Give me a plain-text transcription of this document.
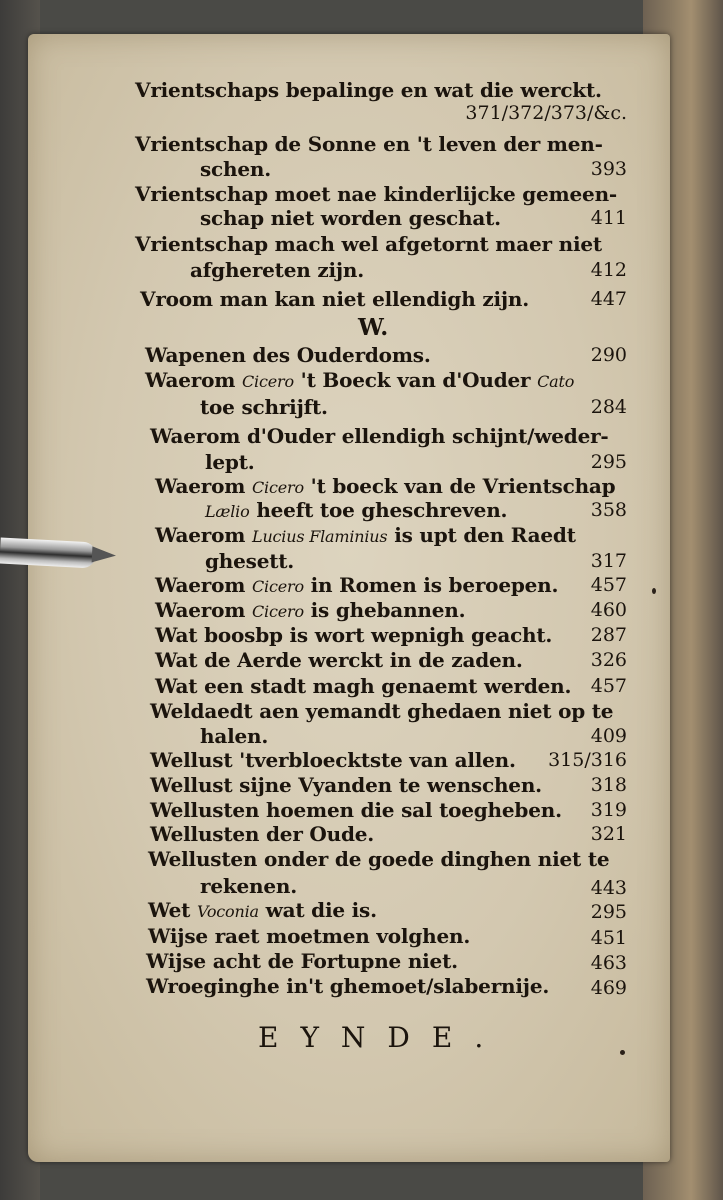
Vrientschaps bepalinge en wat die werckt.
371/372/373/&c.
Vrientschap de Sonne en 't leven der men-
schen.	393
Vrientschap moet nae kinderlijcke gemeen-
schap niet worden geschat.	411
Vrientschap mach wel afgetornt maer niet
afghereten zijn.	412
Vroom man kan niet ellendigh zijn.	447
W.
Wapenen des Ouderdoms.	290
Waerom Cicero 't Boeck van d'Ouder Cato
toe schrijft.	284
Waerom d'Ouder ellendigh schijnt/weder-
lept.	295
Waerom Cicero 't boeck van de Vrientschap
Lælio heeft toe gheschreven.	358
Waerom Lucius Flaminius is upt den Raedt
ghesett.	317
Waerom Cicero in Romen is beroepen. 457
Waerom Cicero is ghebannen.	460
Wat boosbp is wort wepnigh geacht. 287
Wat de Aerde werckt in de zaden.	326
Wat een stadt magh genaemt werden. 457
Weldaedt aen yemandt ghedaen niet op te
halen.	409
Wellust 'tverbloecktste van allen. 315/316
Wellust sijne Vyanden te wenschen.	318
Wellusten hoemen die sal toegheben. 319
Wellusten der Oude.	321
Wellusten onder de goede dinghen niet te
rekenen.	443
Wet Voconia wat die is.	295
Wijse raet moetmen volghen.	451
Wijse acht de Fortupne niet.	463
Wroeginghe in't ghemoet/slabernije. 469
EYNDE.
